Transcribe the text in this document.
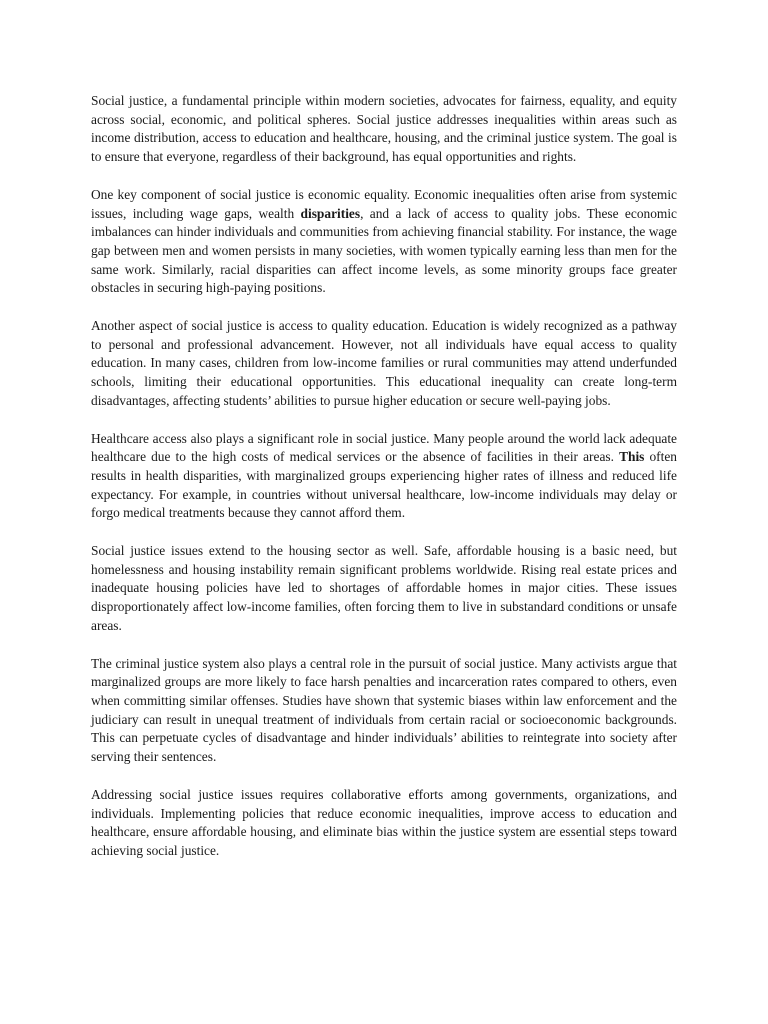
Social justice, a fundamental principle within modern societies, advocates for fairness, equality, and equity across social, economic, and political spheres. Social justice addresses inequalities within areas such as income distribution, access to education and healthcare, housing, and the criminal justice system. The goal is to ensure that everyone, regardless of their background, has equal opportunities and rights.

One key component of social justice is economic equality. Economic inequalities often arise from systemic issues, including wage gaps, wealth disparities, and a lack of access to quality jobs. These economic imbalances can hinder individuals and communities from achieving financial stability. For instance, the wage gap between men and women persists in many societies, with women typically earning less than men for the same work. Similarly, racial disparities can affect income levels, as some minority groups face greater obstacles in securing high-paying positions.

Another aspect of social justice is access to quality education. Education is widely recognized as a pathway to personal and professional advancement. However, not all individuals have equal access to quality education. In many cases, children from low-income families or rural communities may attend underfunded schools, limiting their educational opportunities. This educational inequality can create long-term disadvantages, affecting students’ abilities to pursue higher education or secure well-paying jobs.

Healthcare access also plays a significant role in social justice. Many people around the world lack adequate healthcare due to the high costs of medical services or the absence of facilities in their areas. This often results in health disparities, with marginalized groups experiencing higher rates of illness and reduced life expectancy. For example, in countries without universal healthcare, low-income individuals may delay or forgo medical treatments because they cannot afford them.

Social justice issues extend to the housing sector as well. Safe, affordable housing is a basic need, but homelessness and housing instability remain significant problems worldwide. Rising real estate prices and inadequate housing policies have led to shortages of affordable homes in major cities. These issues disproportionately affect low-income families, often forcing them to live in substandard conditions or unsafe areas.

The criminal justice system also plays a central role in the pursuit of social justice. Many activists argue that marginalized groups are more likely to face harsh penalties and incarceration rates compared to others, even when committing similar offenses. Studies have shown that systemic biases within law enforcement and the judiciary can result in unequal treatment of individuals from certain racial or socioeconomic backgrounds. This can perpetuate cycles of disadvantage and hinder individuals’ abilities to reintegrate into society after serving their sentences.

Addressing social justice issues requires collaborative efforts among governments, organizations, and individuals. Implementing policies that reduce economic inequalities, improve access to education and healthcare, ensure affordable housing, and eliminate bias within the justice system are essential steps toward achieving social justice.
